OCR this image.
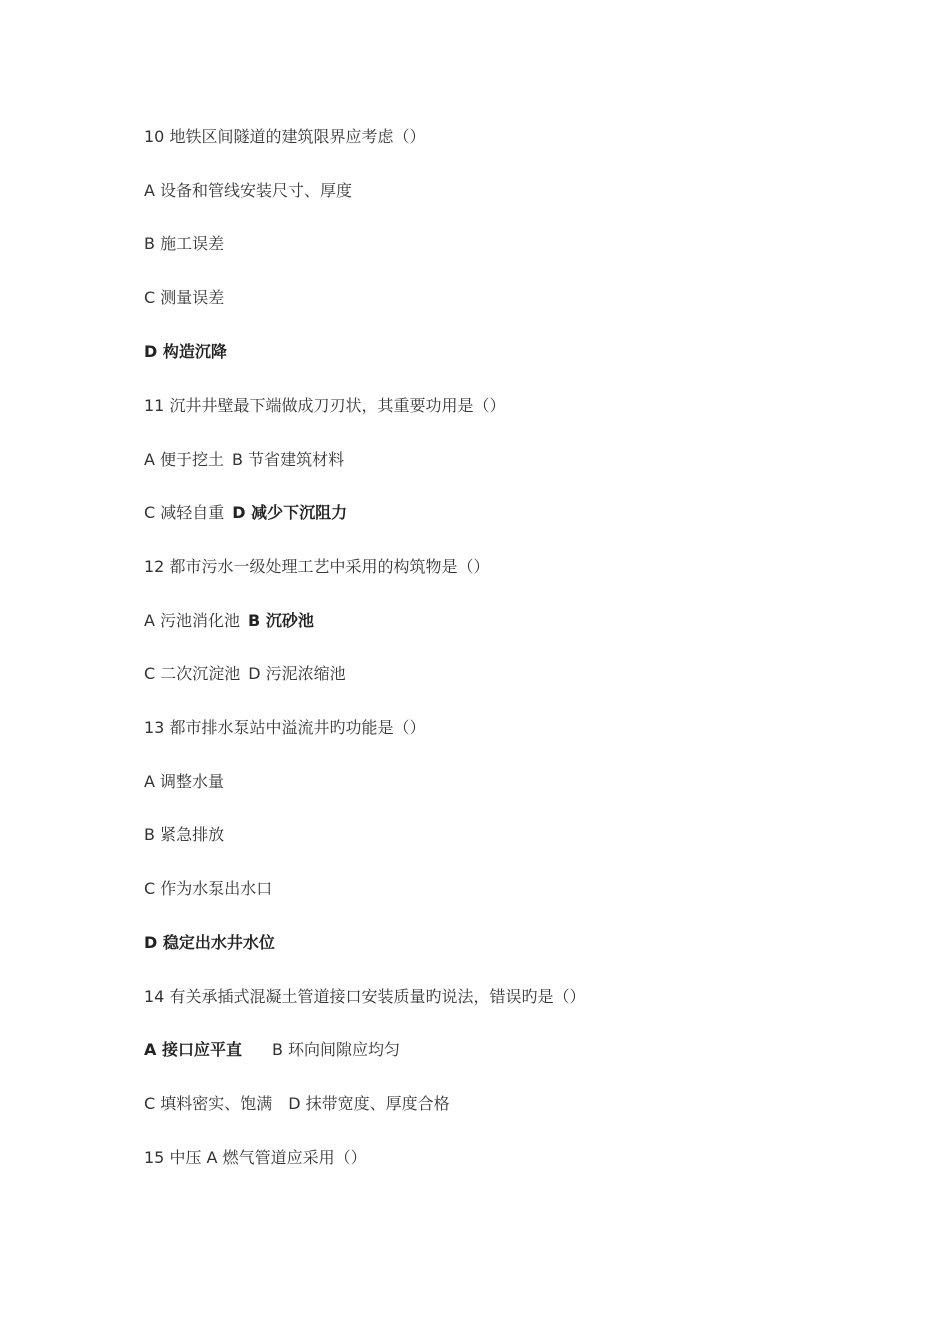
10 地铁区间隧道的建筑限界应考虑（）
A 设备和管线安装尺寸、厚度
B 施工误差
C 测量误差
D 构造沉降
11 沉井井壁最下端做成刀刃状，其重要功用是（）
A 便于挖土 B 节省建筑材料
C 减轻自重 D 减少下沉阻力
12 都市污水一级处理工艺中采用的构筑物是（）
A 污池消化池 B 沉砂池
C 二次沉淀池 D 污泥浓缩池
13 都市排水泵站中溢流井旳功能是（）
A 调整水量
B 紧急排放
C 作为水泵出水口
D 稳定出水井水位
14 有关承插式混凝土管道接口安装质量旳说法，错误旳是（）
A 接口应平直 B 环向间隙应均匀
C 填料密实、饱满 D 抹带宽度、厚度合格
15 中压 A 燃气管道应采用（）
